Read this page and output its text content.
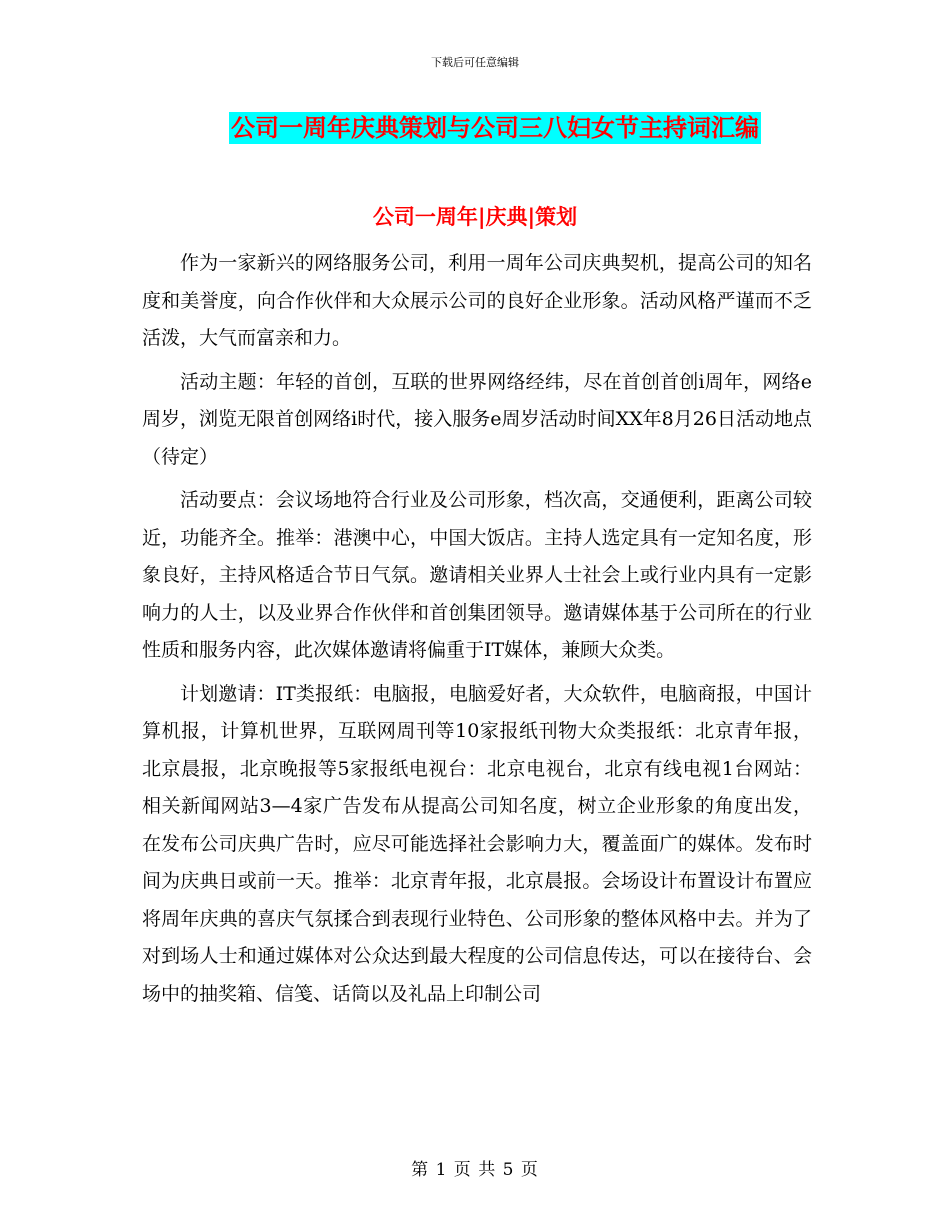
下载后可任意编辑
公司一周年庆典策划与公司三八妇女节主持词汇编
公司一周年|庆典|策划

作为一家新兴的网络服务公司，利用一周年公司庆典契机，提高公司的知名度和美誉度，向合作伙伴和大众展示公司的良好企业形象。活动风格严谨而不乏活泼，大气而富亲和力。

活动主题：年轻的首创，互联的世界网络经纬，尽在首创首创i周年，网络e周岁，浏览无限首创网络i时代，接入服务e周岁活动时间XX年8月26日活动地点（待定）

活动要点：会议场地符合行业及公司形象，档次高，交通便利，距离公司较近，功能齐全。推举：港澳中心，中国大饭店。主持人选定具有一定知名度，形象良好，主持风格适合节日气氛。邀请相关业界人士社会上或行业内具有一定影响力的人士，以及业界合作伙伴和首创集团领导。邀请媒体基于公司所在的行业性质和服务内容，此次媒体邀请将偏重于IT媒体，兼顾大众类。

计划邀请：IT类报纸：电脑报，电脑爱好者，大众软件，电脑商报，中国计算机报，计算机世界，互联网周刊等10家报纸刊物大众类报纸：北京青年报，北京晨报，北京晚报等5家报纸电视台：北京电视台，北京有线电视1台网站：相关新闻网站3—4家广告发布从提高公司知名度，树立企业形象的角度出发，在发布公司庆典广告时，应尽可能选择社会影响力大，覆盖面广的媒体。发布时间为庆典日或前一天。推举：北京青年报，北京晨报。会场设计布置设计布置应将周年庆典的喜庆气氛揉合到表现行业特色、公司形象的整体风格中去。并为了对到场人士和通过媒体对公众达到最大程度的公司信息传达，可以在接待台、会场中的抽奖箱、信笺、话筒以及礼品上印制公司

第 1 页 共 5 页
